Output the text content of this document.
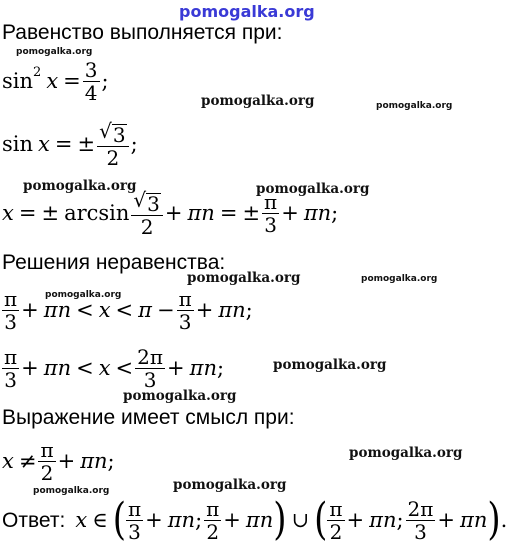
pomogalka.org
pomogalka.org
pomogalka.org	pomogalka.org
pomogalka.org	pomogalka.org
pomogalka.org	pomogalka.org
pomogalka.org
pomogalka.org
pomogalka.org
pomogalka.org
pomogalka.org
pomogalka.org
Равенство выполняется при:
$\sin^2 x = \frac{3}{4}$ ;
sin x = ± $\frac{√ 3}{2}$ ;
x = ± $\arcsin \frac{√ 3}{2} + \pi n$ = ± $\frac{\pi}{3} + \pi n$ ;
Решения неравенства:
$\frac{\pi}{3} + \pi n < x < \pi - \frac{\pi}{3} + \pi n$ ;
$\frac{\pi}{3} + \pi n < x < \frac{2\pi}{3} + \pi n$ ;
Выражение имеет смысл при:
$x \ne \frac{\pi}{2} + \pi n$ ;
Ответ: x ∈ ( $\frac{\pi}{3} + \pi n$ ; $\frac{\pi}{2} + \pi n$ ) ∪ ( $\frac{\pi}{2} + \pi n$ ; $\frac{2\pi}{3} + \pi n$ ) .
